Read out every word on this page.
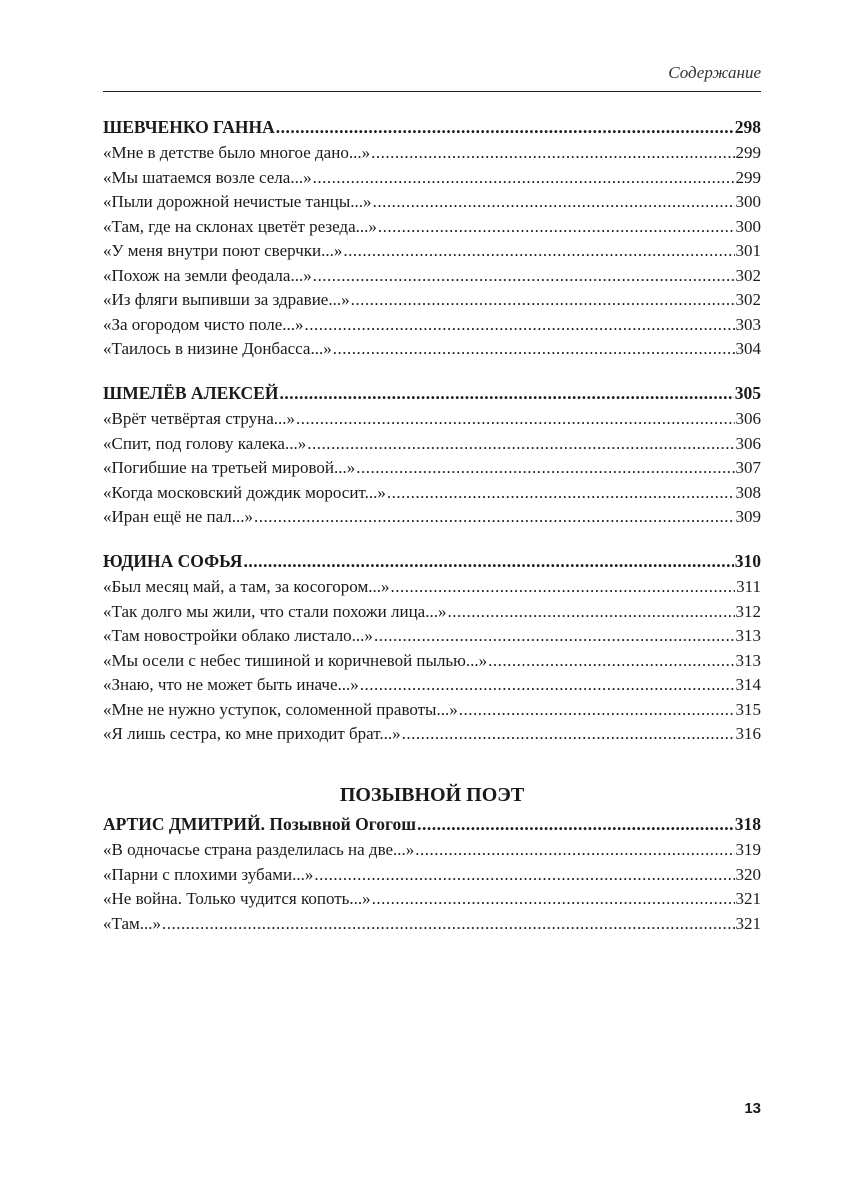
Содержание
ШЕВЧЕНКО ГАННА .....	298
«Мне в детстве было многое дано...» .....	299
«Мы шатаемся возле села...» .....	299
«Пыли дорожной нечистые танцы...» .....	300
«Там, где на склонах цветёт резеда...» .....	300
«У меня внутри поют сверчки...» .....	301
«Похож на земли феодала...» .....	302
«Из фляги выпивши за здравие...» .....	302
«За огородом чисто поле...» .....	303
«Таилось в низине Донбасса...» .....	304
ШМЕЛЁВ АЛЕКСЕЙ .....	305
«Врёт четвёртая струна...» .....	306
«Спит, под голову калека...» .....	306
«Погибшие на третьей мировой...» .....	307
«Когда московский дождик моросит...» .....	308
«Иран ещё не пал...» .....	309
ЮДИНА СОФЬЯ .....	310
«Был месяц май, а там, за косогором...» .....	311
«Так долго мы жили, что стали похожи лица...» .....	312
«Там новостройки облако листало...» .....	313
«Мы осели с небес тишиной и коричневой пылью...» .....	313
«Знаю, что не может быть иначе...» .....	314
«Мне не нужно уступок, соломенной правоты...» .....	315
«Я лишь сестра, ко мне приходит брат...» .....	316
ПОЗЫВНОЙ ПОЭТ
АРТИС ДМИТРИЙ. Позывной Огогош .....	318
«В одночасье страна разделилась на две...» .....	319
«Парни с плохими зубами...» .....	320
«Не война. Только чудится копоть...» .....	321
«Там...» .....	321
13
